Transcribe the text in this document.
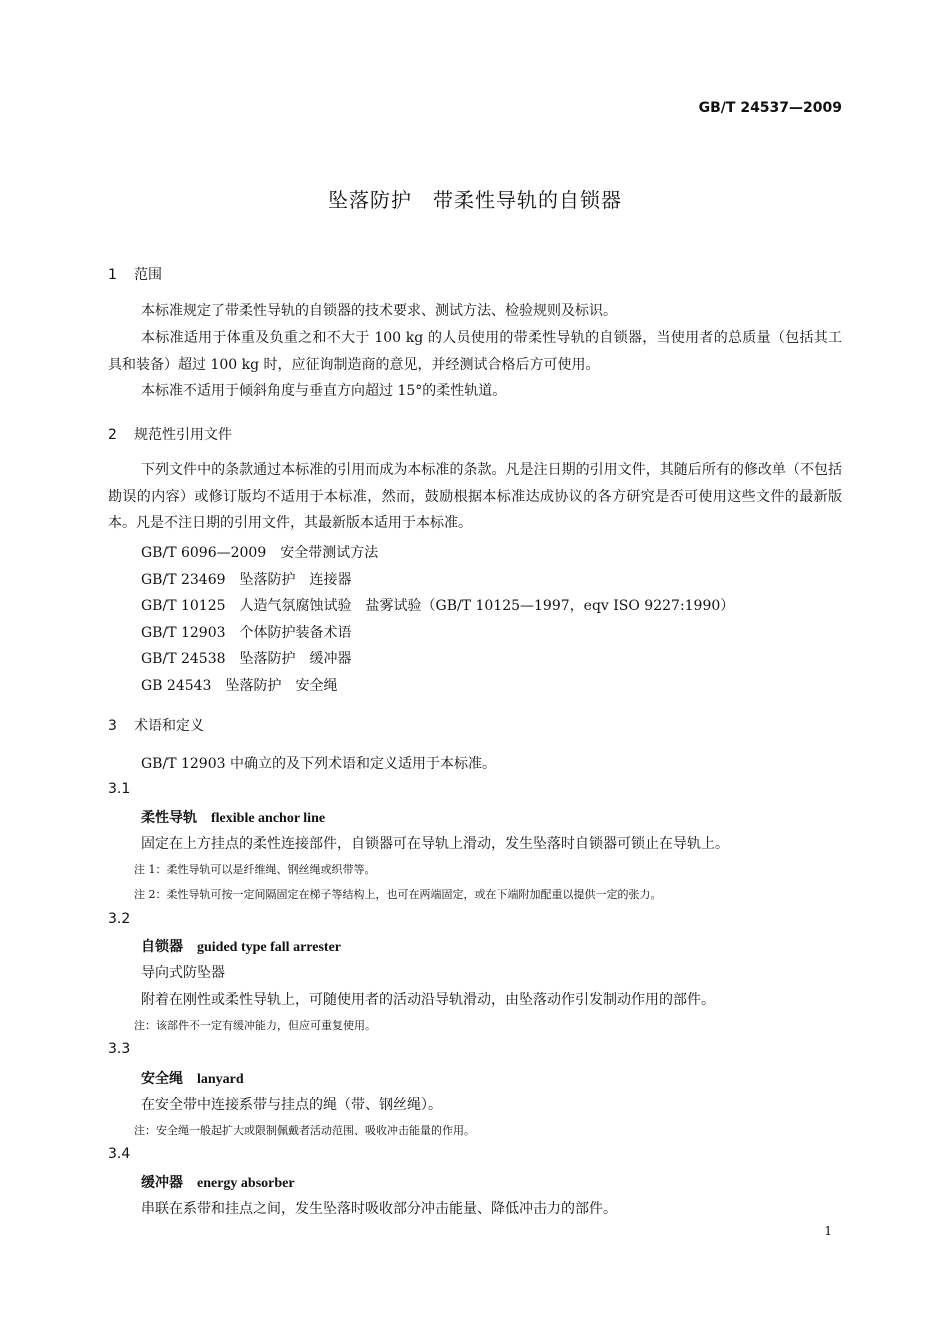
GB/T 24537—2009
坠落防护　带柔性导轨的自锁器
1 范围
本标准规定了带柔性导轨的自锁器的技术要求、测试方法、检验规则及标识。
本标准适用于体重及负重之和不大于 100 kg 的人员使用的带柔性导轨的自锁器，当使用者的总质量（包括其工具和装备）超过 100 kg 时，应征询制造商的意见，并经测试合格后方可使用。
本标准不适用于倾斜角度与垂直方向超过 15°的柔性轨道。
2 规范性引用文件
下列文件中的条款通过本标准的引用而成为本标准的条款。凡是注日期的引用文件，其随后所有的修改单（不包括勘误的内容）或修订版均不适用于本标准，然而，鼓励根据本标准达成协议的各方研究是否可使用这些文件的最新版本。凡是不注日期的引用文件，其最新版本适用于本标准。
GB/T 6096—2009　安全带测试方法
GB/T 23469　坠落防护　连接器
GB/T 10125　人造气氛腐蚀试验　盐雾试验（GB/T 10125—1997，eqv ISO 9227:1990）
GB/T 12903　个体防护装备术语
GB/T 24538　坠落防护　缓冲器
GB 24543　坠落防护　安全绳
3 术语和定义
GB/T 12903 中确立的及下列术语和定义适用于本标准。
3.1
柔性导轨 flexible anchor line
固定在上方挂点的柔性连接部件，自锁器可在导轨上滑动，发生坠落时自锁器可锁止在导轨上。
注 1：柔性导轨可以是纤维绳、钢丝绳或织带等。
注 2：柔性导轨可按一定间隔固定在梯子等结构上，也可在两端固定，或在下端附加配重以提供一定的张力。
3.2
自锁器 guided type fall arrester
导向式防坠器
附着在刚性或柔性导轨上，可随使用者的活动沿导轨滑动，由坠落动作引发制动作用的部件。
注：该部件不一定有缓冲能力，但应可重复使用。
3.3
安全绳 lanyard
在安全带中连接系带与挂点的绳（带、钢丝绳）。
注：安全绳一般起扩大或限制佩戴者活动范围、吸收冲击能量的作用。
3.4
缓冲器 energy absorber
串联在系带和挂点之间，发生坠落时吸收部分冲击能量、降低冲击力的部件。
1
